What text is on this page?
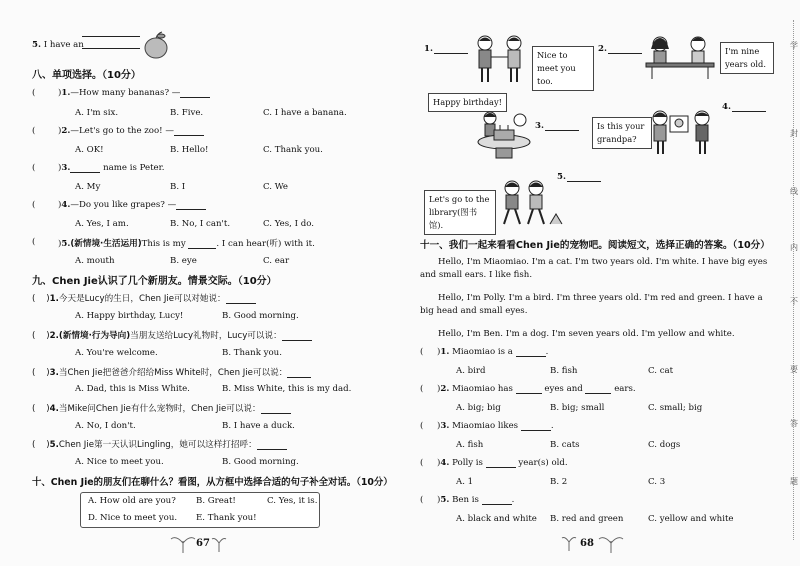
5. I have an
八、单项选择。（10分）
(	)1.—How many bananas? —
A. I'm six.	B. Five.	C. I have a banana.
(	)2.—Let's go to the zoo! —
A. OK!	B. Hello!	C. Thank you.
(	)3.	name is Peter.
A. My	B. I	C. We
(	)4.—Do you like grapes? —
A. Yes, I am.	B. No, I can't.	C. Yes, I do.
(	)5.(新情境·生活运用)This is my	. I can hear(听) with it.
A. mouth	B. eye	C. ear
九、Chen Jie认识了几个新朋友。情景交际。（10分）
(    )1.今天是Lucy的生日，Chen Jie可以对她说：
A. Happy birthday, Lucy!	B. Good morning.
(    )2.(新情境·行为导向)当朋友送给Lucy礼物时，Lucy可以说：
A. You're welcome.	B. Thank you.
(    )3.当Chen Jie把爸爸介绍给Miss White时，Chen Jie可以说：
A. Dad, this is Miss White.	B. Miss White, this is my dad.
(    )4.当Mike问Chen Jie有什么宠物时，Chen Jie可以说：
A. No, I don't.	B. I have a duck.
(    )5.Chen Jie第一天认识Lingling，她可以这样打招呼：
A. Nice to meet you.	B. Good morning.
十、Chen Jie的朋友们在聊什么？看图，从方框中选择合适的句子补全对话。（10分）
A. How old are you? B. Great!	C. Yes, it is.
D. Nice to meet you. E. Thank you!
67
1.
Nice to meet you too.
2.	I'm nine years old.
Happy birthday!
3.	Is this your grandpa?
4.
5.
Let's go to the library(图书馆).
十一、我们一起来看看Chen Jie的宠物吧。阅读短文，选择正确的答案。（10分）
Hello, I'm Miaomiao. I'm a cat. I'm two years old. I'm white. I have big eyes and small ears. I like fish.
Hello, I'm Polly. I'm a bird. I'm three years old. I'm red and green. I have a big head and small eyes.
Hello, I'm Ben. I'm a dog. I'm seven years old. I'm yellow and white.
(     )1. Miaomiao is a	.
A. bird	B. fish	C. cat
(     )2. Miaomiao has	eyes and	ears.
A. big; big	B. big; small	C. small; big
(     )3. Miaomiao likes	.
A. fish	B. cats	C. dogs
(     )4. Polly is	year(s) old.
A. 1	B. 2	C. 3
(     )5. Ben is	.
A. black and white B. red and green	C. yellow and white
68
学
封
线
内
不
要
答
题
